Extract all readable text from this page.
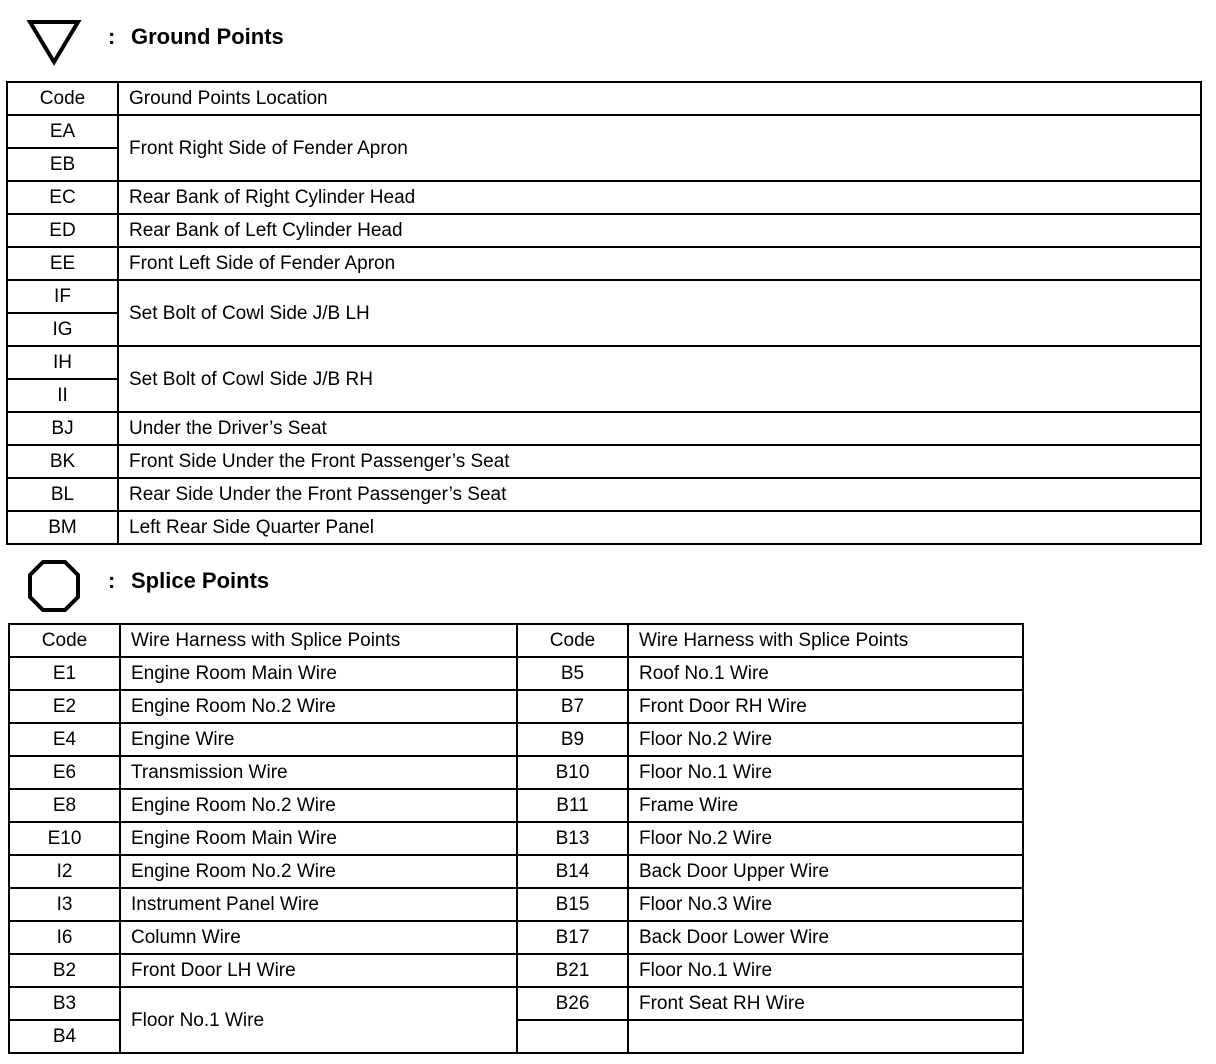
: Ground Points
Code	Ground Points Location
EA	Front Right Side of Fender Apron
EB	
EC	Rear Bank of Right Cylinder Head
ED	Rear Bank of Left Cylinder Head
EE	Front Left Side of Fender Apron
IF	Set Bolt of Cowl Side J/B LH
IG	
IH	Set Bolt of Cowl Side J/B RH
II	
BJ	Under the Driver’s Seat
BK	Front Side Under the Front Passenger’s Seat
BL	Rear Side Under the Front Passenger’s Seat
BM	Left Rear Side Quarter Panel
: Splice Points
Code	Wire Harness with Splice Points	Code	Wire Harness with Splice Points
E1	Engine Room Main Wire	B5	Roof No.1 Wire
E2	Engine Room No.2 Wire	B7	Front Door RH Wire
E4	Engine Wire	B9	Floor No.2 Wire
E6	Transmission Wire	B10	Floor No.1 Wire
E8	Engine Room No.2 Wire	B11	Frame Wire
E10	Engine Room Main Wire	B13	Floor No.2 Wire
I2	Engine Room No.2 Wire	B14	Back Door Upper Wire
I3	Instrument Panel Wire	B15	Floor No.3 Wire
I6	Column Wire	B17	Back Door Lower Wire
B2	Front Door LH Wire	B21	Floor No.1 Wire
B3	Floor No.1 Wire	B26	Front Seat RH Wire
B4			
